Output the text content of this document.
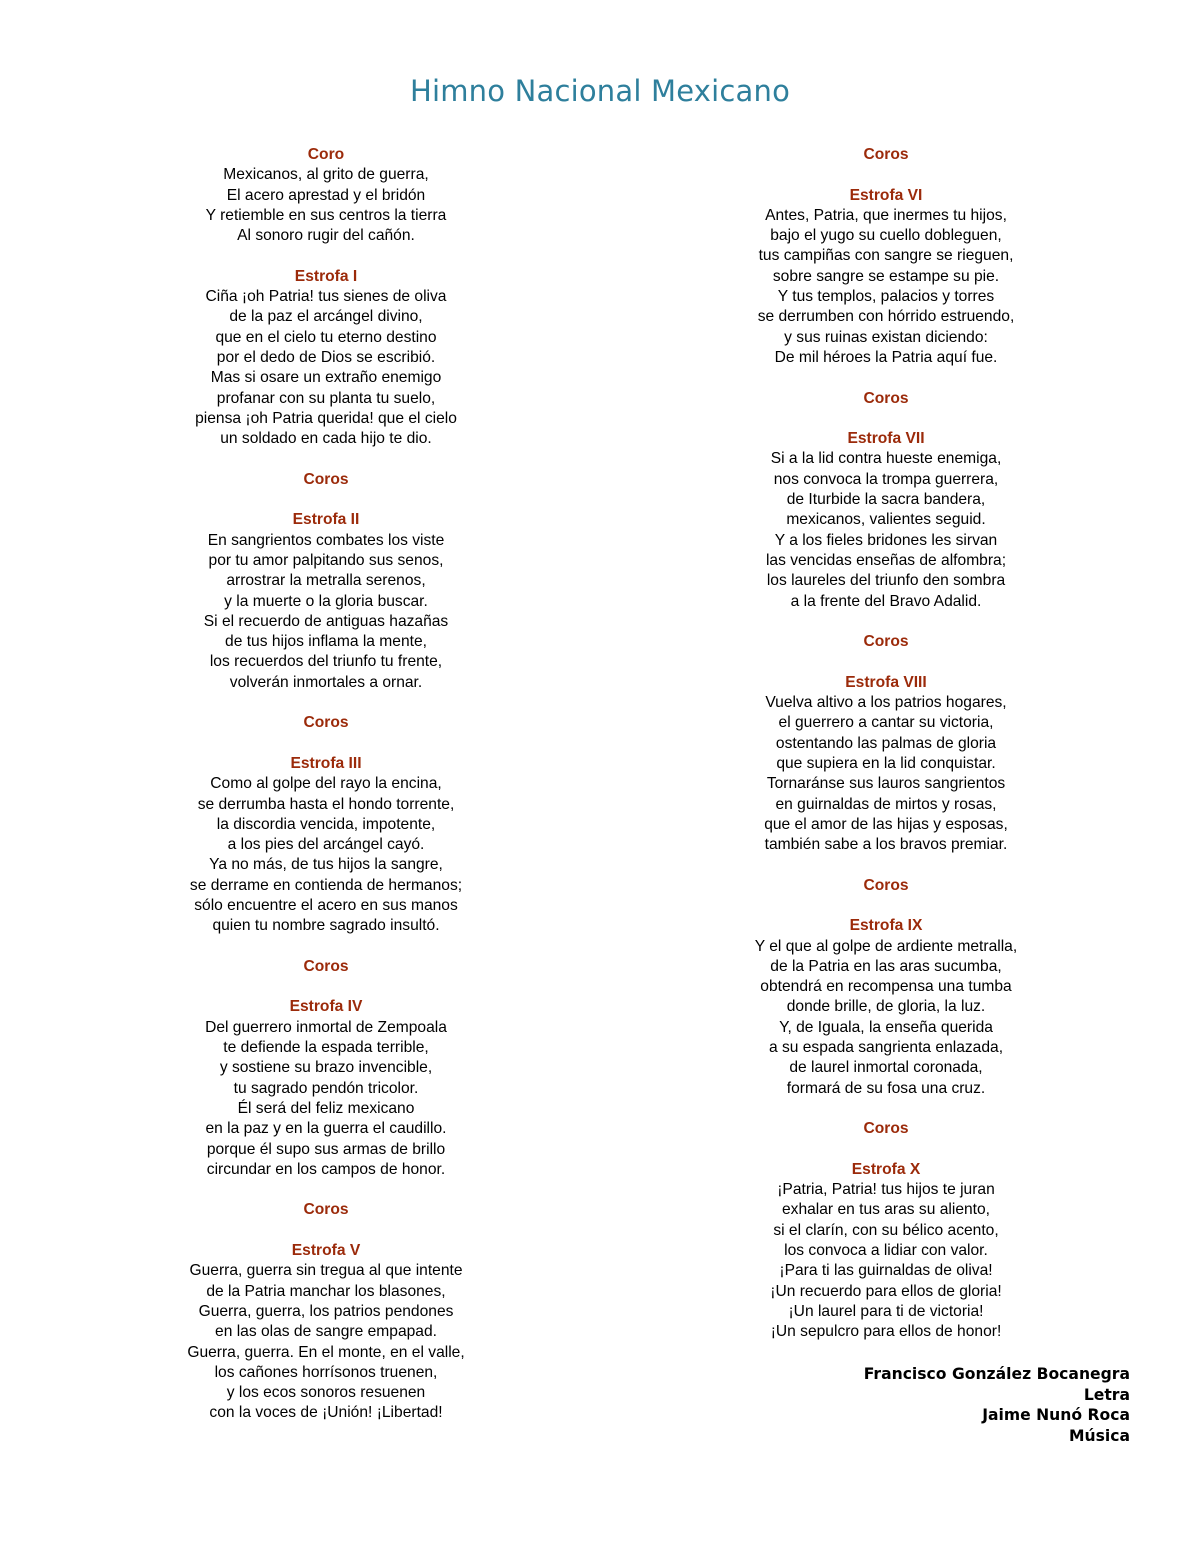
Himno Nacional Mexicano
Coro
Mexicanos, al grito de guerra,
El acero aprestad y el bridón
Y retiemble en sus centros la tierra
Al sonoro rugir del cañón.
Estrofa I
Ciña ¡oh Patria! tus sienes de oliva
de la paz el arcángel divino,
que en el cielo tu eterno destino
por el dedo de Dios se escribió.
Mas si osare un extraño enemigo
profanar con su planta tu suelo,
piensa ¡oh Patria querida! que el cielo
un soldado en cada hijo te dio.
Coros
Estrofa II
En sangrientos combates los viste
por tu amor palpitando sus senos,
arrostrar la metralla serenos,
y la muerte o la gloria buscar.
Si el recuerdo de antiguas hazañas
de tus hijos inflama la mente,
los recuerdos del triunfo tu frente,
volverán inmortales a ornar.
Coros
Estrofa III
Como al golpe del rayo la encina,
se derrumba hasta el hondo torrente,
la discordia vencida, impotente,
a los pies del arcángel cayó.
Ya no más, de tus hijos la sangre,
se derrame en contienda de hermanos;
sólo encuentre el acero en sus manos
quien tu nombre sagrado insultó.
Coros
Estrofa IV
Del guerrero inmortal de Zempoala
te defiende la espada terrible,
y sostiene su brazo invencible,
tu sagrado pendón tricolor.
Él será del feliz mexicano
en la paz y en la guerra el caudillo.
porque él supo sus armas de brillo
circundar en los campos de honor.
Coros
Estrofa V
Guerra, guerra sin tregua al que intente
de la Patria manchar los blasones,
Guerra, guerra, los patrios pendones
en las olas de sangre empapad.
Guerra, guerra. En el monte, en el valle,
los cañones horrísonos truenen,
y los ecos sonoros resuenen
con la voces de ¡Unión! ¡Libertad!
Coros
Estrofa VI
Antes, Patria, que inermes tu hijos,
bajo el yugo su cuello dobleguen,
tus campiñas con sangre se rieguen,
sobre sangre se estampe su pie.
Y tus templos, palacios y torres
se derrumben con hórrido estruendo,
y sus ruinas existan diciendo:
De mil héroes la Patria aquí fue.
Coros
Estrofa VII
Si a la lid contra hueste enemiga,
nos convoca la trompa guerrera,
de Iturbide la sacra bandera,
mexicanos, valientes seguid.
Y a los fieles bridones les sirvan
las vencidas enseñas de alfombra;
los laureles del triunfo den sombra
a la frente del Bravo Adalid.
Coros
Estrofa VIII
Vuelva altivo a los patrios hogares,
el guerrero a cantar su victoria,
ostentando las palmas de gloria
que supiera en la lid conquistar.
Tornaránse sus lauros sangrientos
en guirnaldas de mirtos y rosas,
que el amor de las hijas y esposas,
también sabe a los bravos premiar.
Coros
Estrofa IX
Y el que al golpe de ardiente metralla,
de la Patria en las aras sucumba,
obtendrá en recompensa una tumba
donde brille, de gloria, la luz.
Y, de Iguala, la enseña querida
a su espada sangrienta enlazada,
de laurel inmortal coronada,
formará de su fosa una cruz.
Coros
Estrofa X
¡Patria, Patria! tus hijos te juran
exhalar en tus aras su aliento,
si el clarín, con su bélico acento,
los convoca a lidiar con valor.
¡Para ti las guirnaldas de oliva!
¡Un recuerdo para ellos de gloria!
¡Un laurel para ti de victoria!
¡Un sepulcro para ellos de honor!
Francisco González Bocanegra
Letra
Jaime Nunó Roca
Música
